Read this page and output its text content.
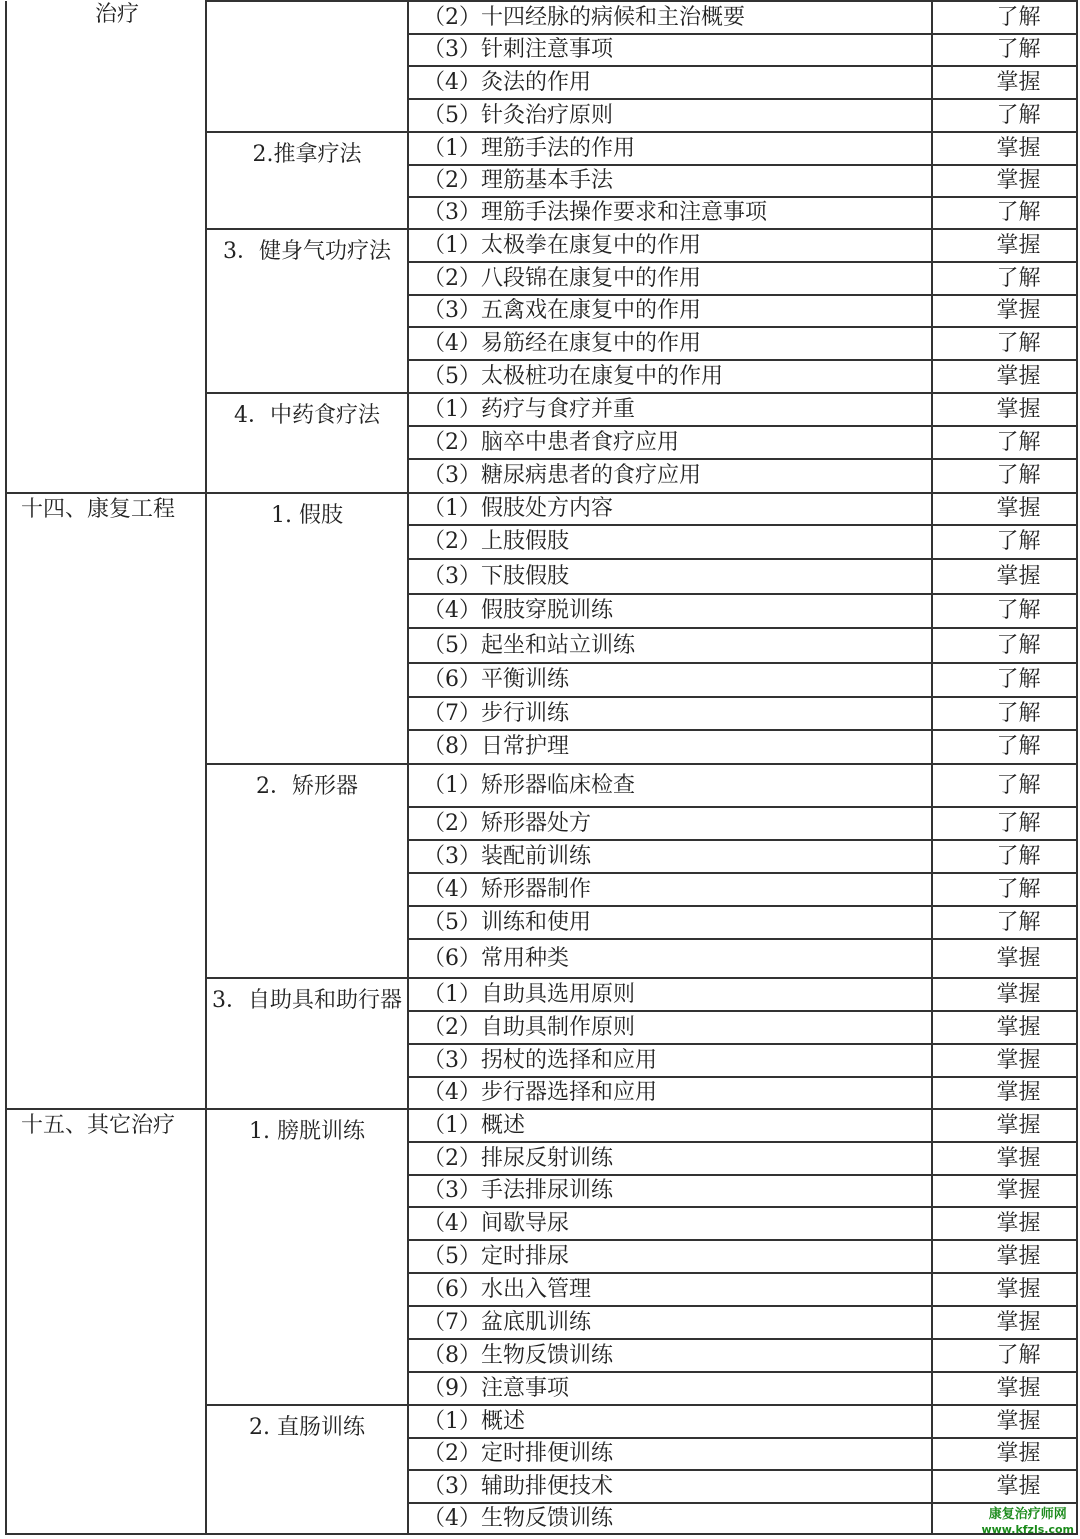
治疗		（2）十四经脉的病候和主治概要	了解
		（3）针刺注意事项	了解
		（4）灸法的作用	掌握
		（5）针灸治疗原则	了解
	2.推拿疗法	（1）理筋手法的作用	掌握
		（2）理筋基本手法	掌握
		（3）理筋手法操作要求和注意事项	了解
	3．健身气功疗法	（1）太极拳在康复中的作用	掌握
		（2）八段锦在康复中的作用	了解
		（3）五禽戏在康复中的作用	掌握
		（4）易筋经在康复中的作用	了解
		（5）太极桩功在康复中的作用	掌握
	4．中药食疗法	（1）药疗与食疗并重	掌握
		（2）脑卒中患者食疗应用	了解
		（3）糖尿病患者的食疗应用	了解
十四、康复工程	1. 假肢	（1）假肢处方内容	掌握
		（2）上肢假肢	了解
		（3）下肢假肢	掌握
		（4）假肢穿脱训练	了解
		（5）起坐和站立训练	了解
		（6）平衡训练	了解
		（7）步行训练	了解
		（8）日常护理	了解
	2．矫形器	（1）矫形器临床检查	了解
		（2）矫形器处方	了解
		（3）装配前训练	了解
		（4）矫形器制作	了解
		（5）训练和使用	了解
		（6）常用种类	掌握
	3．自助具和助行器	（1）自助具选用原则	掌握
		（2）自助具制作原则	掌握
		（3）拐杖的选择和应用	掌握
		（4）步行器选择和应用	掌握
十五、其它治疗	1. 膀胱训练	（1）概述	掌握
		（2）排尿反射训练	掌握
		（3）手法排尿训练	掌握
		（4）间歇导尿	掌握
		（5）定时排尿	掌握
		（6）水出入管理	掌握
		（7）盆底肌训练	掌握
		（8）生物反馈训练	了解
		（9）注意事项	掌握
	2. 直肠训练	（1）概述	掌握
		（2）定时排便训练	掌握
		（3）辅助排便技术	掌握
		（4）生物反馈训练		康复治疗师网
www.kfzls.com
